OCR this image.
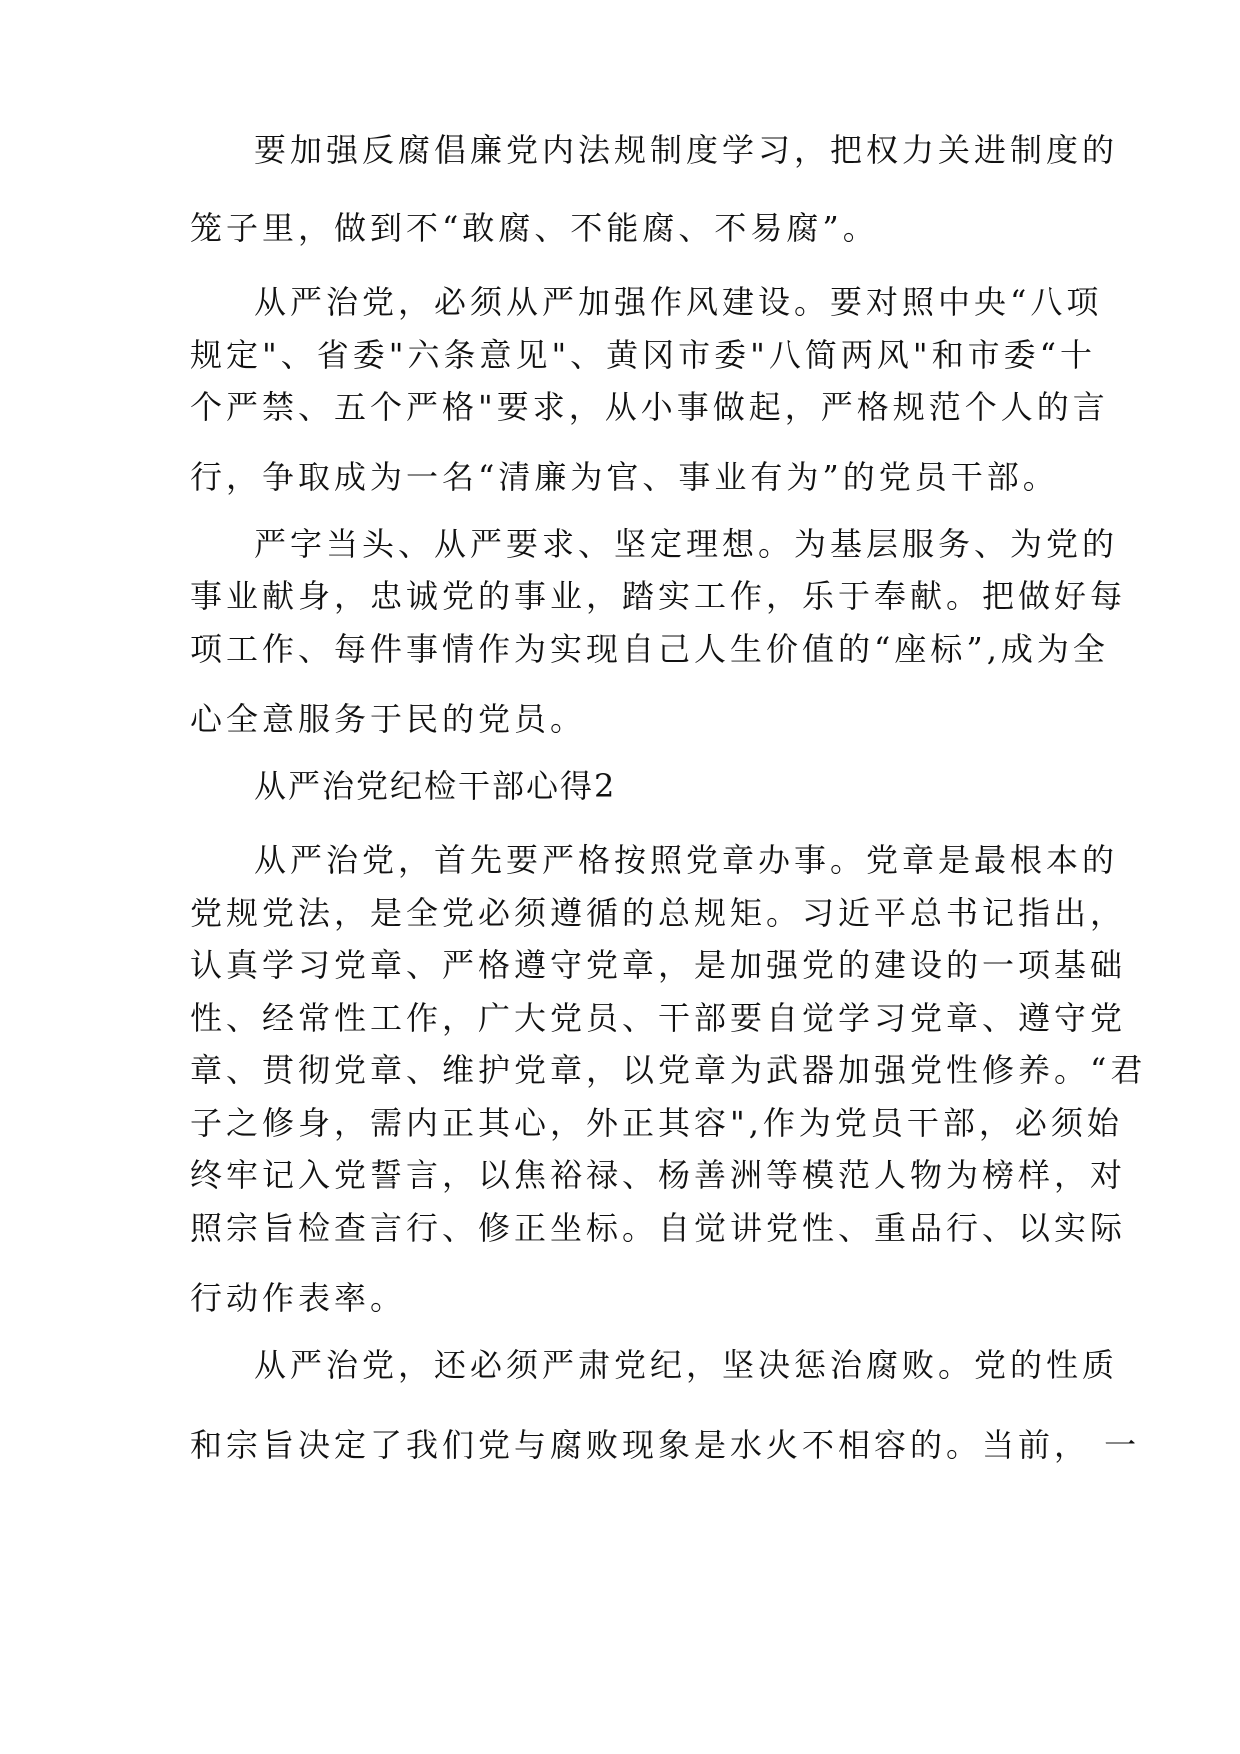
要加强反腐倡廉党内法规制度学习，把权力关进制度的
笼子里，做到不“敢腐、不能腐、不易腐”。
从严治党，必须从严加强作风建设。要对照中央“八项
规定"、省委"六条意见"、黄冈市委"八简两风"和市委“十
个严禁、五个严格"要求，从小事做起，严格规范个人的言
行，争取成为一名“清廉为官、事业有为”的党员干部。
严字当头、从严要求、坚定理想。为基层服务、为党的
事业献身，忠诚党的事业，踏实工作，乐于奉献。把做好每
项工作、每件事情作为实现自己人生价值的“座标”,成为全
心全意服务于民的党员。
从严治党纪检干部心得2
从严治党，首先要严格按照党章办事。党章是最根本的
党规党法，是全党必须遵循的总规矩。习近平总书记指出，
认真学习党章、严格遵守党章，是加强党的建设的一项基础
性、经常性工作，广大党员、干部要自觉学习党章、遵守党
章、贯彻党章、维护党章，以党章为武器加强党性修养。“君
子之修身，需内正其心，外正其容",作为党员干部，必须始
终牢记入党誓言，以焦裕禄、杨善洲等模范人物为榜样，对
照宗旨检查言行、修正坐标。自觉讲党性、重品行、以实际
行动作表率。
从严治党，还必须严肃党纪，坚决惩治腐败。党的性质
和宗旨决定了我们党与腐败现象是水火不相容的。当前， 一
